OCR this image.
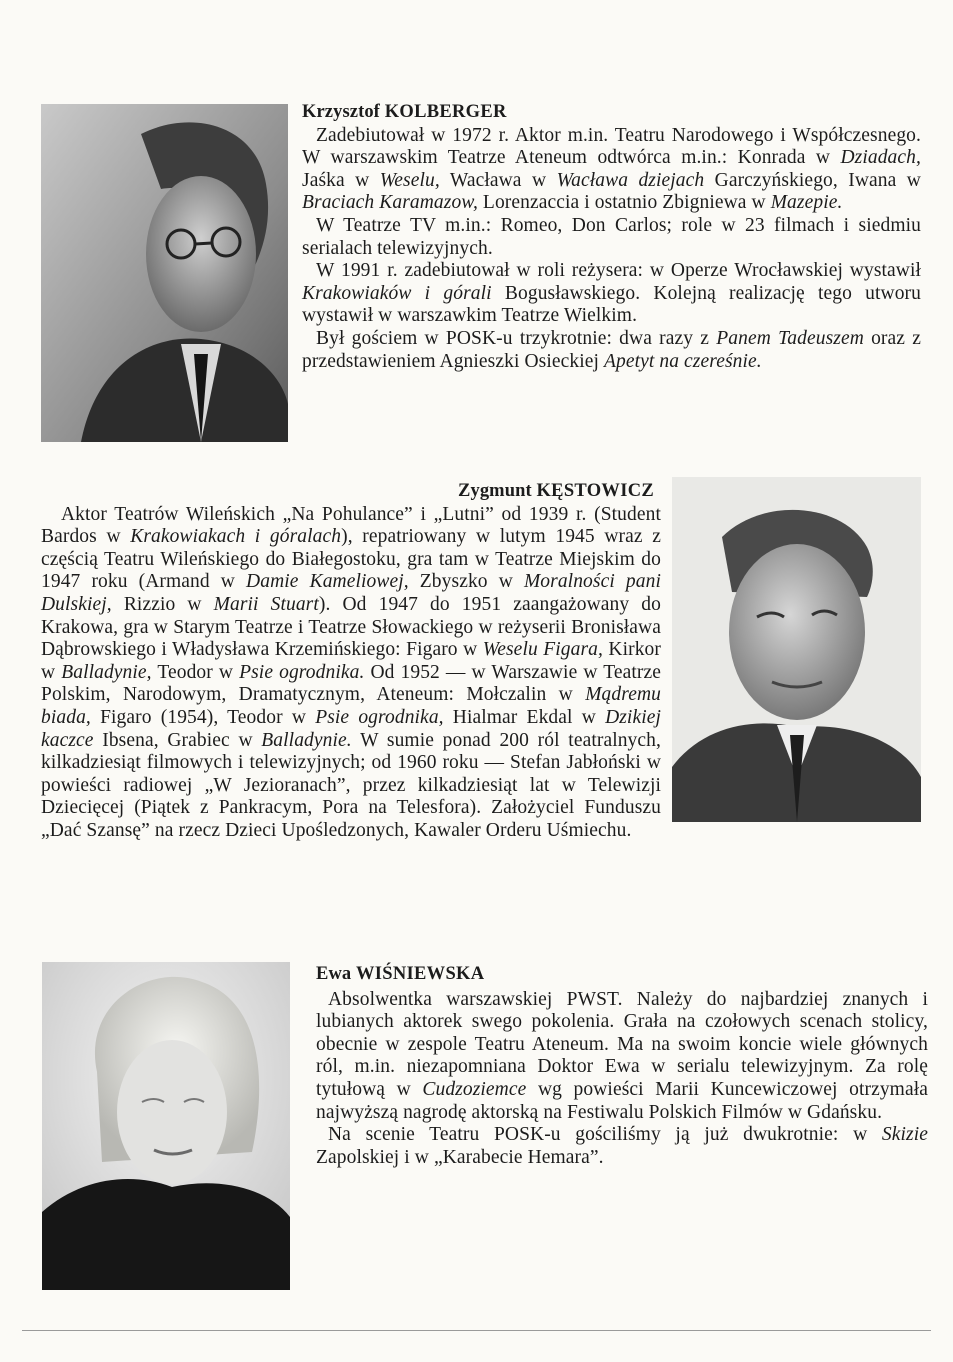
Krzysztof KOLBERGER

Zadebiutował w 1972 r. Aktor m.in. Teatru Narodowego i Współczesnego. W warszawskim Teatrze Ateneum odtwórca m.in.: Konrada w Dziadach, Jaśka w Weselu, Wacława w Wacława dziejach Garczyńskiego, Iwana w Braciach Karamazow, Lorenzaccia i ostatnio Zbigniewa w Mazepie.

W Teatrze TV m.in.: Romeo, Don Carlos; role w 23 filmach i siedmiu serialach telewizyjnych.

W 1991 r. zadebiutował w roli reżysera: w Operze Wrocławskiej wystawił Krakowiaków i górali Bogusławskiego. Kolejną realizację tego utworu wystawił w warszawkim Teatrze Wielkim.

Był gościem w POSK-u trzykrotnie: dwa razy z Panem Tadeuszem oraz z przedstawieniem Agnieszki Osieckiej Apetyt na czereśnie.

Zygmunt KĘSTOWICZ

Aktor Teatrów Wileńskich „Na Pohulance” i „Lutni” od 1939 r. (Student Bardos w Krakowiakach i góralach), repatriowany w lutym 1945 wraz z częścią Teatru Wileńskiego do Białegostoku, gra tam w Teatrze Miejskim do 1947 roku (Armand w Damie Kameliowej, Zbyszko w Moralności pani Dulskiej, Rizzio w Marii Stuart). Od 1947 do 1951 zaangażowany do Krakowa, gra w Starym Teatrze i Teatrze Słowackiego w reżyserii Bronisława Dąbrowskiego i Władysława Krzemińskiego: Figaro w Weselu Figara, Kirkor w Balladynie, Teodor w Psie ogrodnika. Od 1952 — w Warszawie w Teatrze Polskim, Narodowym, Dramatycznym, Ateneum: Mołczalin w Mądremu biada, Figaro (1954), Teodor w Psie ogrodnika, Hialmar Ekdal w Dzikiej kaczce Ibsena, Grabiec w Balladynie. W sumie ponad 200 ról teatralnych, kilkadziesiąt filmowych i telewizyjnych; od 1960 roku — Stefan Jabłoński w powieści radiowej „W Jezioranach”, przez kilkadziesiąt lat w Telewizji Dziecięcej (Piątek z Pankracym, Pora na Telesfora). Założyciel Funduszu „Dać Szansę” na rzecz Dzieci Upośledzonych, Kawaler Orderu Uśmiechu.

Ewa WIŚNIEWSKA

Absolwentka warszawskiej PWST. Należy do najbardziej znanych i lubianych aktorek swego pokolenia. Grała na czołowych scenach stolicy, obecnie w zespole Teatru Ateneum. Ma na swoim koncie wiele głównych ról, m.in. niezapomniana Doktor Ewa w serialu telewizyjnym. Za rolę tytułową w Cudzoziemce wg powieści Marii Kuncewiczowej otrzymała najwyższą nagrodę aktorską na Festiwalu Polskich Filmów w Gdańsku.

Na scenie Teatru POSK-u gościliśmy ją już dwukrotnie: w Skizie Zapolskiej i w „Karabecie Hemara”.
